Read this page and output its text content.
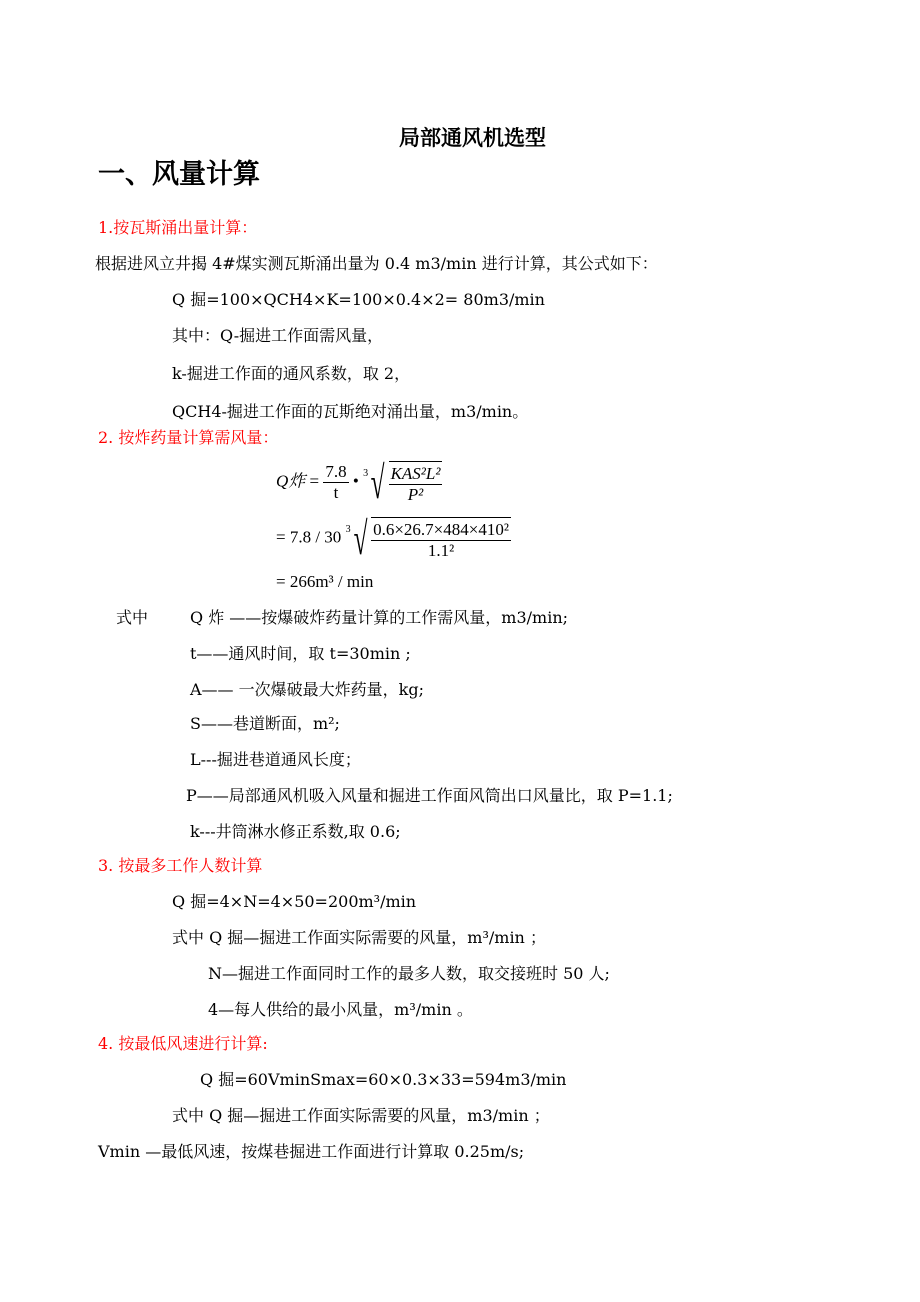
局部通风机选型
一、风量计算
1.按瓦斯涌出量计算：
根据进风立井揭 4#煤实测瓦斯涌出量为 0.4 m3/min 进行计算，其公式如下：
Q 掘=100×QCH4×K=100×0.4×2= 80m3/min
其中：Q-掘进工作面需风量，
k-掘进工作面的通风系数，取 2，
QCH4-掘进工作面的瓦斯绝对涌出量，m3/min。
2. 按炸药量计算需风量：
Q炸 = $\frac{7.8}{t}$ • 3 √ $\frac{\text{KAS²L²}}{\text{P²}}$
= 7.8 / 30 3 √ $\frac{\text{0.6×26.7×484×410²}}{\text{1.1²}}$
= 266m³ / min
式中	Q 炸 ——按爆破炸药量计算的工作需风量，m3/min;
t——通风时间，取 t=30min ;
A—— 一次爆破最大炸药量，kg;
S——巷道断面，m²;
L---掘进巷道通风长度；
P——局部通风机吸入风量和掘进工作面风筒出口风量比，取 P=1.1;
k---井筒淋水修正系数,取 0.6;
3. 按最多工作人数计算
Q 掘=4×N=4×50=200m³/min
式中 Q 掘—掘进工作面实际需要的风量，m³/min ；
N—掘进工作面同时工作的最多人数，取交接班时 50 人;
4—每人供给的最小风量，m³/min 。
4. 按最低风速进行计算:
Q 掘=60VminSmax=60×0.3×33=594m3/min
式中 Q 掘—掘进工作面实际需要的风量，m3/min ；
Vmin —最低风速，按煤巷掘进工作面进行计算取 0.25m/s;
